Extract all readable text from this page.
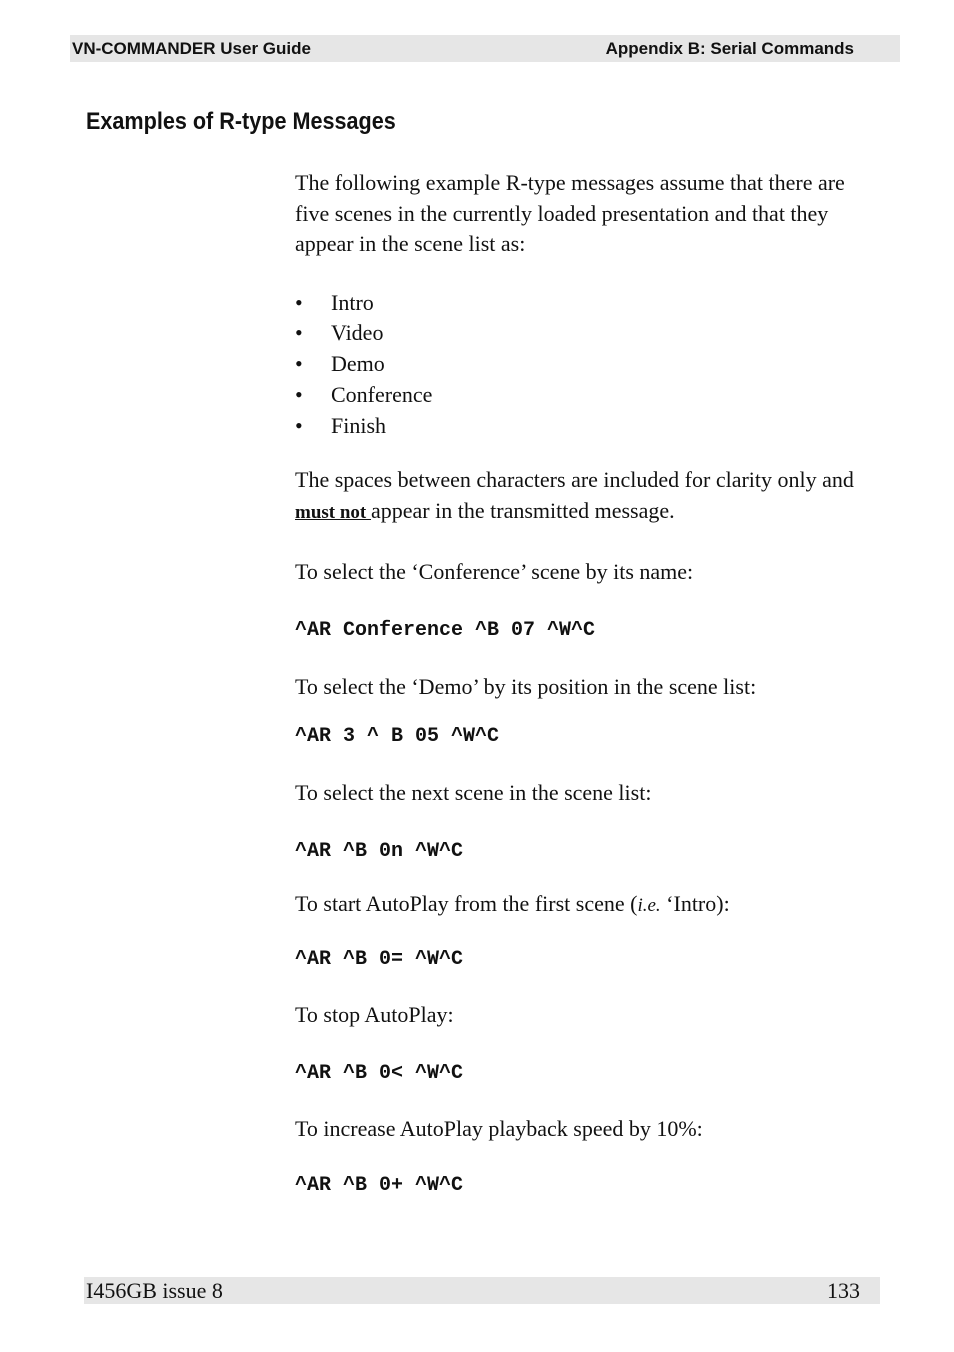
VN-COMMANDER User Guide	Appendix B: Serial Commands
Examples of R-type Messages

The following example R-type messages assume that there are five scenes in the currently loaded presentation and that they appear in the scene list as:

• Intro
• Video
• Demo
• Conference
• Finish

The spaces between characters are included for clarity only and must not appear in the transmitted message.

To select the ‘Conference’ scene by its name:

^AR Conference ^B 07 ^W^C

To select the ‘Demo’ by its position in the scene list:

^AR 3 ^ B 05 ^W^C

To select the next scene in the scene list:

^AR ^B 0n ^W^C

To start AutoPlay from the first scene (i.e. ‘Intro):

^AR ^B 0= ^W^C

To stop AutoPlay:

^AR ^B 0< ^W^C

To increase AutoPlay playback speed by 10%:

^AR ^B 0+ ^W^C

I456GB issue 8	133
